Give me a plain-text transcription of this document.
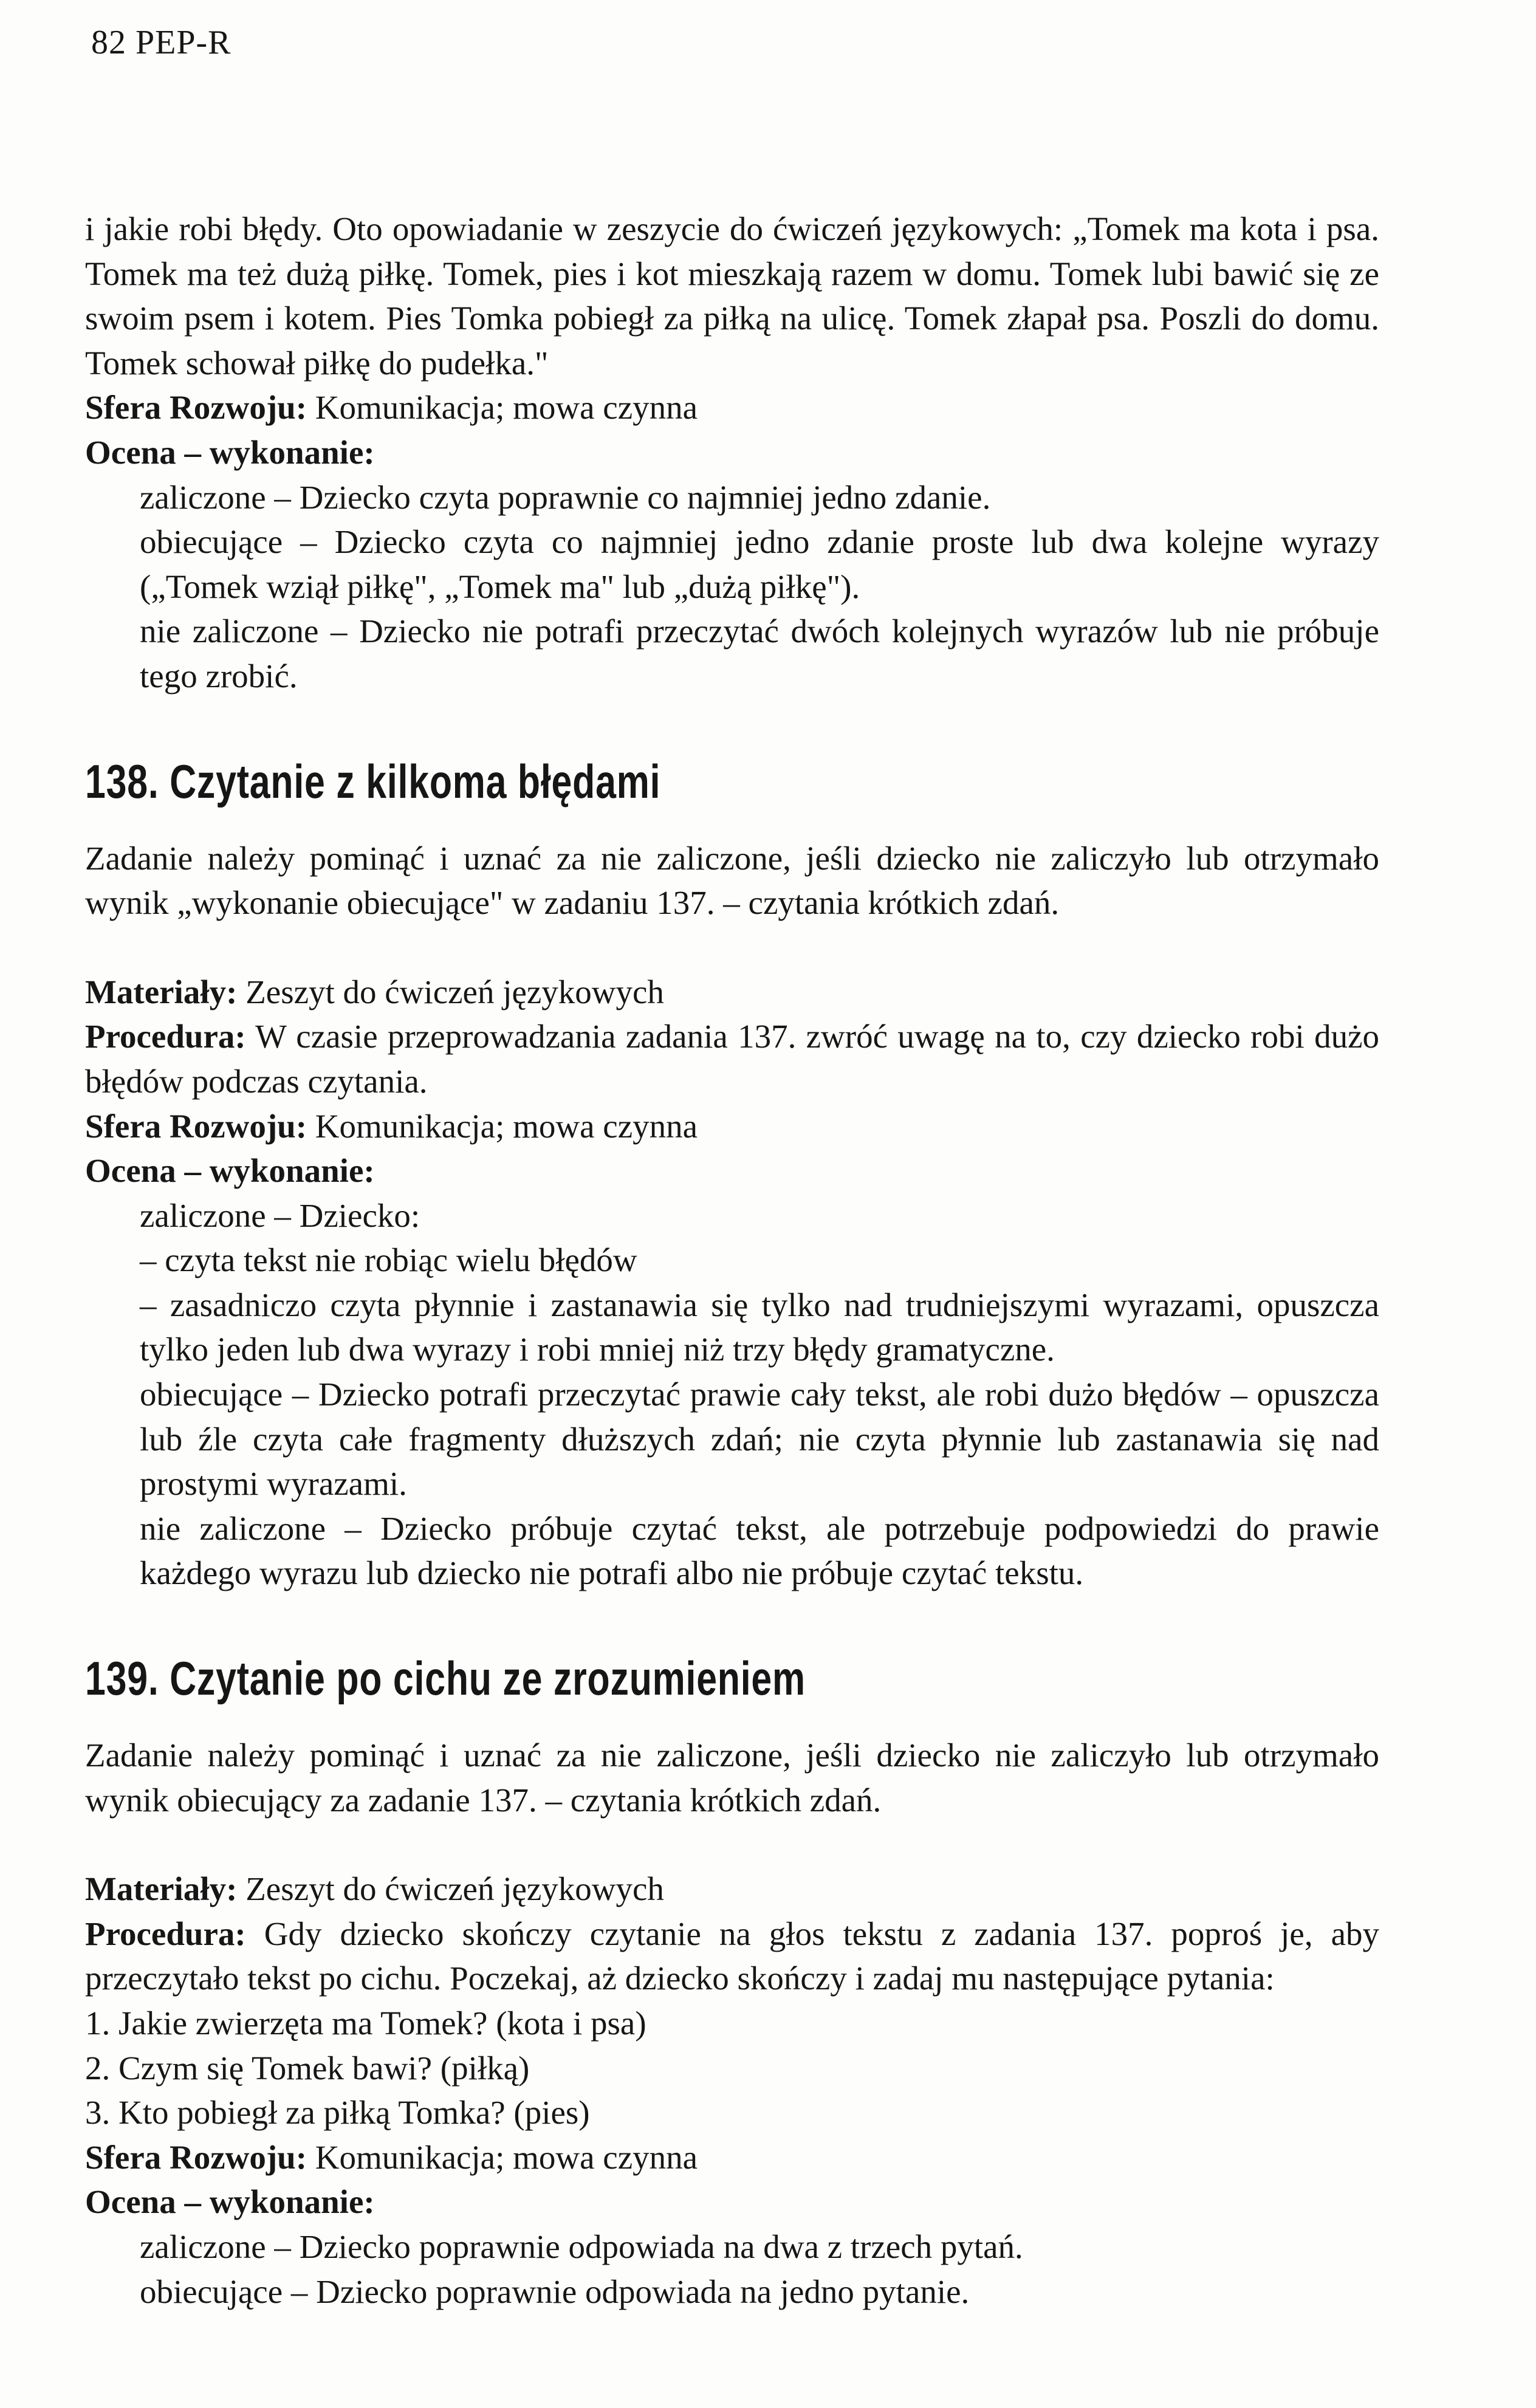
82 PEP-R

i jakie robi błędy. Oto opowiadanie w zeszycie do ćwiczeń językowych: „Tomek ma kota i psa. Tomek ma też dużą piłkę. Tomek, pies i kot mieszkają razem w domu. Tomek lubi bawić się ze swoim psem i kotem. Pies Tomka pobiegł za piłką na ulicę. Tomek złapał psa. Poszli do domu. Tomek schował piłkę do pudełka."

Sfera Rozwoju: Komunikacja; mowa czynna

Ocena – wykonanie:

zaliczone – Dziecko czyta poprawnie co najmniej jedno zdanie.

obiecujące – Dziecko czyta co najmniej jedno zdanie proste lub dwa kolejne wyrazy („Tomek wziął piłkę", „Tomek ma" lub „dużą piłkę").

nie zaliczone – Dziecko nie potrafi przeczytać dwóch kolejnych wyrazów lub nie próbuje tego zrobić.

138. Czytanie z kilkoma błędami

Zadanie należy pominąć i uznać za nie zaliczone, jeśli dziecko nie zaliczyło lub otrzymało wynik „wykonanie obiecujące" w zadaniu 137. – czytania krótkich zdań.

Materiały: Zeszyt do ćwiczeń językowych

Procedura: W czasie przeprowadzania zadania 137. zwróć uwagę na to, czy dziecko robi dużo błędów podczas czytania.

Sfera Rozwoju: Komunikacja; mowa czynna

Ocena – wykonanie:

zaliczone – Dziecko:

– czyta tekst nie robiąc wielu błędów

– zasadniczo czyta płynnie i zastanawia się tylko nad trudniejszymi wyrazami, opuszcza tylko jeden lub dwa wyrazy i robi mniej niż trzy błędy gramatyczne.

obiecujące – Dziecko potrafi przeczytać prawie cały tekst, ale robi dużo błędów – opuszcza lub źle czyta całe fragmenty dłuższych zdań; nie czyta płynnie lub zastanawia się nad prostymi wyrazami.

nie zaliczone – Dziecko próbuje czytać tekst, ale potrzebuje podpowiedzi do prawie każdego wyrazu lub dziecko nie potrafi albo nie próbuje czytać tekstu.

139. Czytanie po cichu ze zrozumieniem

Zadanie należy pominąć i uznać za nie zaliczone, jeśli dziecko nie zaliczyło lub otrzymało wynik obiecujący za zadanie 137. – czytania krótkich zdań.

Materiały: Zeszyt do ćwiczeń językowych

Procedura: Gdy dziecko skończy czytanie na głos tekstu z zadania 137. poproś je, aby przeczytało tekst po cichu. Poczekaj, aż dziecko skończy i zadaj mu następujące pytania:

1. Jakie zwierzęta ma Tomek? (kota i psa)

2. Czym się Tomek bawi? (piłką)

3. Kto pobiegł za piłką Tomka? (pies)

Sfera Rozwoju: Komunikacja; mowa czynna

Ocena – wykonanie:

zaliczone – Dziecko poprawnie odpowiada na dwa z trzech pytań.

obiecujące – Dziecko poprawnie odpowiada na jedno pytanie.
